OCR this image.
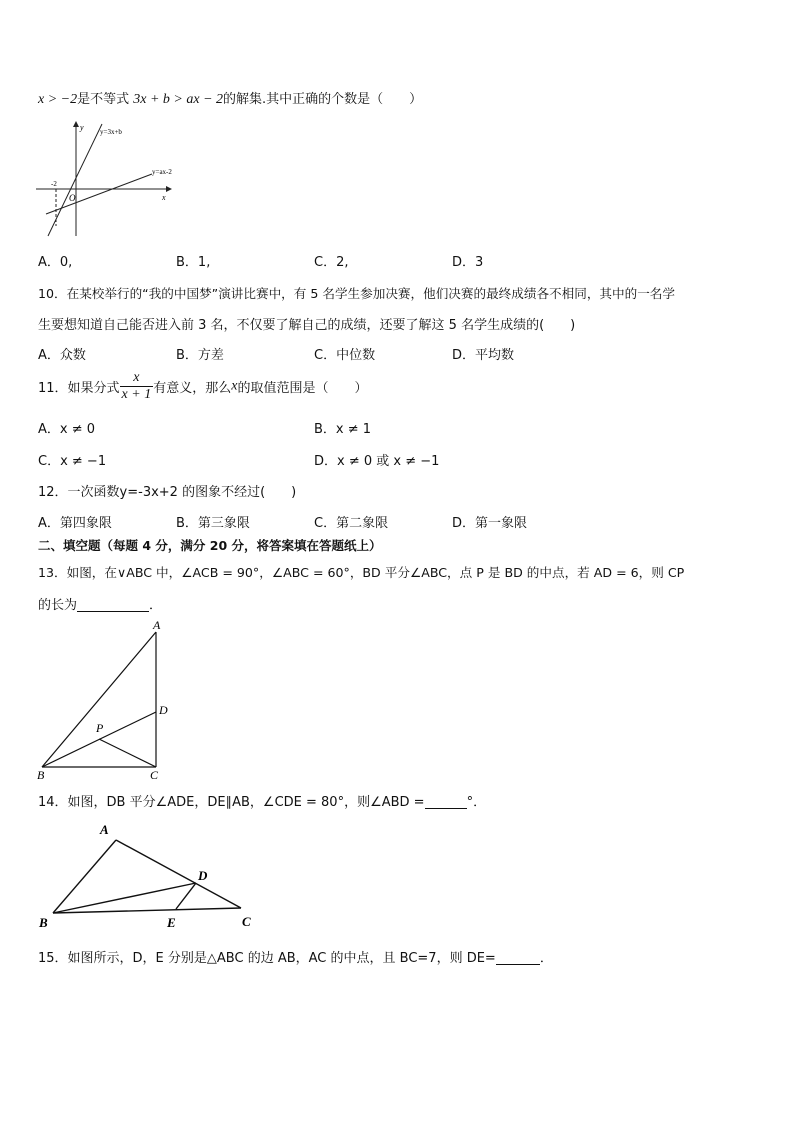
x > −2是不等式 3x + b > ax − 2的解集.其中正确的个数是（　　）
y y=3x+b
y=ax-2
x
O
-2
A．0,	B．1,	C．2,	D．3
10．在某校举行的“我的中国梦”演讲比赛中，有 5 名学生参加决赛，他们决赛的最终成绩各不相同，其中的一名学
生要想知道自己能否进入前 3 名，不仅要了解自己的成绩，还要了解这 5 名学生成绩的(　　)
A．众数	B．方差	C．中位数	D．平均数
11．如果分式 $\frac{x}{x + 1}$ 有意义，那么x的取值范围是（　　）
A．x ≠ 0	B．x ≠ 1
C．x ≠ −1	D．x ≠ 0 或 x ≠ −1
12．一次函数y=-3x+2 的图象不经过(　　)
A．第四象限	B．第三象限	C．第二象限	D．第一象限
二、填空题（每题 4 分，满分 20 分，将答案填在答题纸上）
13．如图，在∨ABC 中，∠ACB = 90°，∠ABC = 60°，BD 平分∠ABC，点 P 是 BD 的中点，若 AD = 6，则 CP
的长为	．
A
D
P
B	C
14．如图，DB 平分∠ADE，DE∥AB，∠CDE = 80°，则∠ABD =	°．
A
D
B	E	C
15．如图所示，D，E 分别是△ABC 的边 AB，AC 的中点，且 BC=7，则 DE=	．
